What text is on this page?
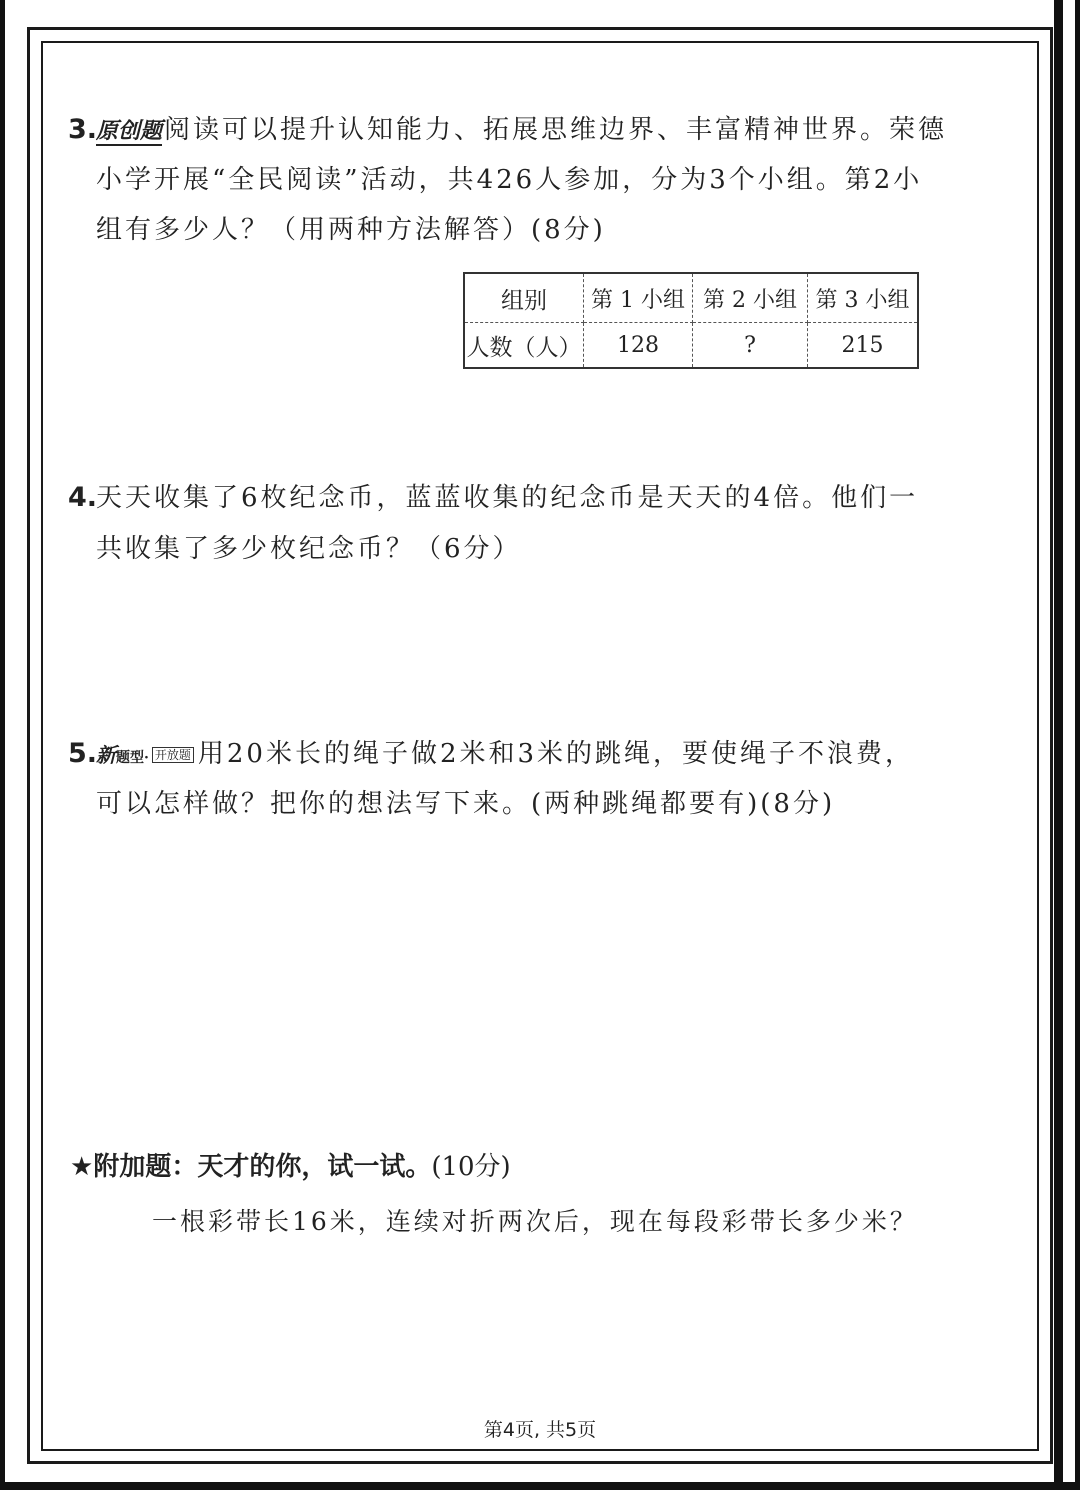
3.
原创题阅读可以提升认知能力、拓展思维边界、丰富精神世界。荣德
小学开展“全民阅读”活动，共426人参加，分为3个小组。第2小
组有多少人？（用两种方法解答）(8分)
组别	第 1 小组	第 2 小组	第 3 小组
人数（人）	128	?	215
4.
天天收集了6枚纪念币，蓝蓝收集的纪念币是天天的4倍。他们一
共收集了多少枚纪念币？（6分）
5.
新题型· 开放题 用20米长的绳子做2米和3米的跳绳，要使绳子不浪费，
可以怎样做？把你的想法写下来。(两种跳绳都要有)(8分)
★附加题：天才的你，试一试。(10分)
一根彩带长16米，连续对折两次后，现在每段彩带长多少米？
第4页, 共5页
